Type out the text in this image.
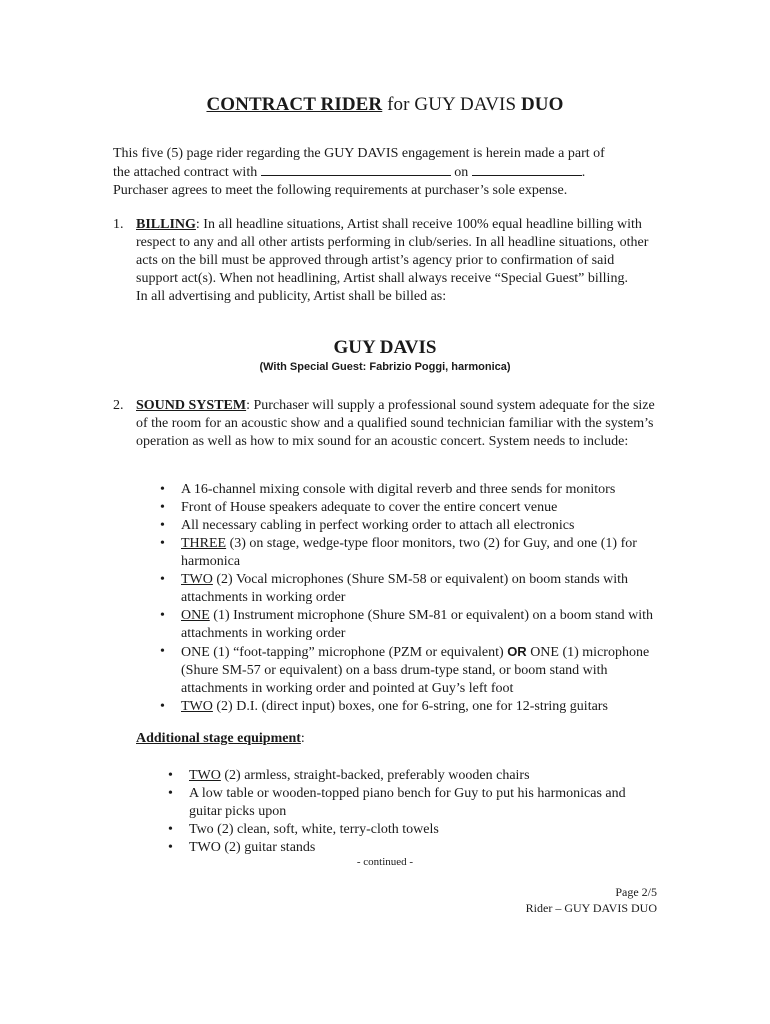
CONTRACT RIDER for GUY DAVIS DUO
This five (5) page rider regarding the GUY DAVIS engagement is herein made a part of
the attached contract with	on	.
Purchaser agrees to meet the following requirements at purchaser’s sole expense.
1. BILLING: In all headline situations, Artist shall receive 100% equal headline billing with respect to any and all other artists performing in club/series. In all headline situations, other acts on the bill must be approved through artist’s agency prior to confirmation of said support act(s). When not headlining, Artist shall always receive “Special Guest” billing.
In all advertising and publicity, Artist shall be billed as:
GUY DAVIS
(With Special Guest: Fabrizio Poggi, harmonica)
2. SOUND SYSTEM: Purchaser will supply a professional sound system adequate for the size of the room for an acoustic show and a qualified sound technician familiar with the system’s operation as well as how to mix sound for an acoustic concert. System needs to include:
• A 16-channel mixing console with digital reverb and three sends for monitors
• Front of House speakers adequate to cover the entire concert venue
• All necessary cabling in perfect working order to attach all electronics
• THREE (3) on stage, wedge-type floor monitors, two (2) for Guy, and one (1) for harmonica
• TWO (2) Vocal microphones (Shure SM-58 or equivalent) on boom stands with attachments in working order
• ONE (1) Instrument microphone (Shure SM-81 or equivalent) on a boom stand with attachments in working order
• ONE (1) “foot-tapping” microphone (PZM or equivalent) OR ONE (1) microphone (Shure SM-57 or equivalent) on a bass drum-type stand, or boom stand with attachments in working order and pointed at Guy’s left foot
• TWO (2) D.I. (direct input) boxes, one for 6-string, one for 12-string guitars
Additional stage equipment:
• TWO (2) armless, straight-backed, preferably wooden chairs
• A low table or wooden-topped piano bench for Guy to put his harmonicas and guitar picks upon
• Two (2) clean, soft, white, terry-cloth towels
• TWO (2) guitar stands
- continued -
Page 2/5
Rider – GUY DAVIS DUO
